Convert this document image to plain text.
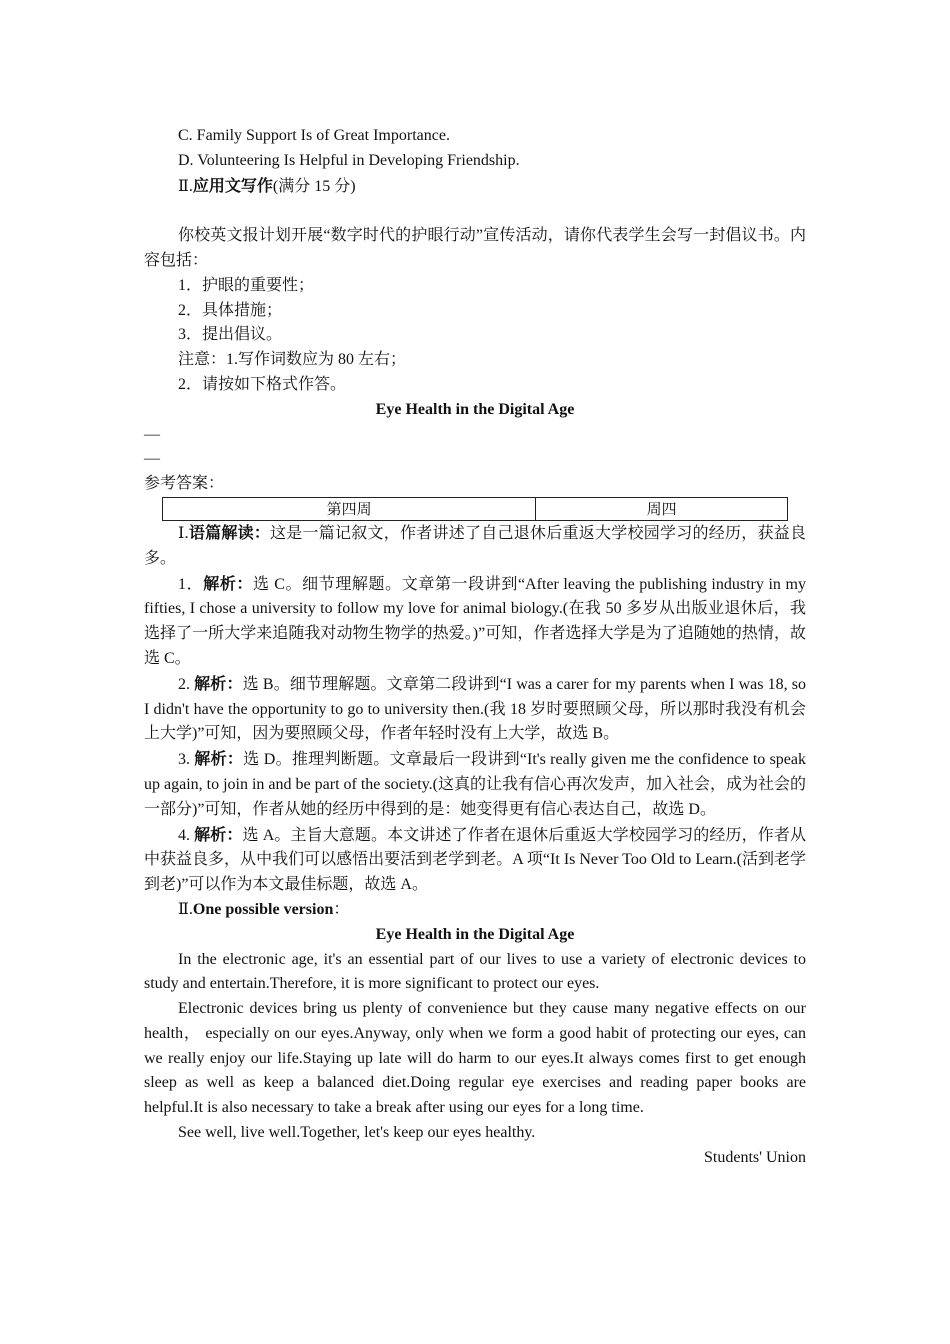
C. Family Support Is of Great Importance.
D. Volunteering Is Helpful in Developing Friendship.
Ⅱ.应用文写作(满分 15 分)
你校英文报计划开展“数字时代的护眼行动”宣传活动，请你代表学生会写一封倡议书。内容包括：
1．护眼的重要性；
2．具体措施；
3．提出倡议。
注意：1.写作词数应为 80 左右；
2．请按如下格式作答。
Eye Health in the Digital Age
—
—
参考答案：
第四周	周四
Ⅰ.语篇解读：这是一篇记叙文，作者讲述了自己退休后重返大学校园学习的经历，获益良多。
1．解析：选 C。细节理解题。文章第一段讲到“After leaving the publishing industry in my fifties, I chose a university to follow my love for animal biology.(在我 50 多岁从出版业退休后，我选择了一所大学来追随我对动物生物学的热爱。)”可知，作者选择大学是为了追随她的热情，故选 C。
2. 解析：选 B。细节理解题。文章第二段讲到“I was a carer for my parents when I was 18, so I didn't have the opportunity to go to university then.(我 18 岁时要照顾父母，所以那时我没有机会上大学)”可知，因为要照顾父母，作者年轻时没有上大学，故选 B。
3. 解析：选 D。推理判断题。文章最后一段讲到“It's really given me the confidence to speak up again, to join in and be part of the society.(这真的让我有信心再次发声，加入社会，成为社会的一部分)”可知，作者从她的经历中得到的是：她变得更有信心表达自己，故选 D。
4. 解析：选 A。主旨大意题。本文讲述了作者在退休后重返大学校园学习的经历，作者从中获益良多，从中我们可以感悟出要活到老学到老。A 项“It Is Never Too Old to Learn.(活到老学到老)”可以作为本文最佳标题，故选 A。
Ⅱ.One possible version：
Eye Health in the Digital Age
In the electronic age, it's an essential part of our lives to use a variety of electronic devices to study and entertain.Therefore, it is more significant to protect our eyes.
Electronic devices bring us plenty of convenience but they cause many negative effects on our health， especially on our eyes.Anyway, only when we form a good habit of protecting our eyes, can we really enjoy our life.Staying up late will do harm to our eyes.It always comes first to get enough sleep as well as keep a balanced diet.Doing regular eye exercises and reading paper books are helpful.It is also necessary to take a break after using our eyes for a long time.
See well, live well.Together, let's keep our eyes healthy.
Students' Union
